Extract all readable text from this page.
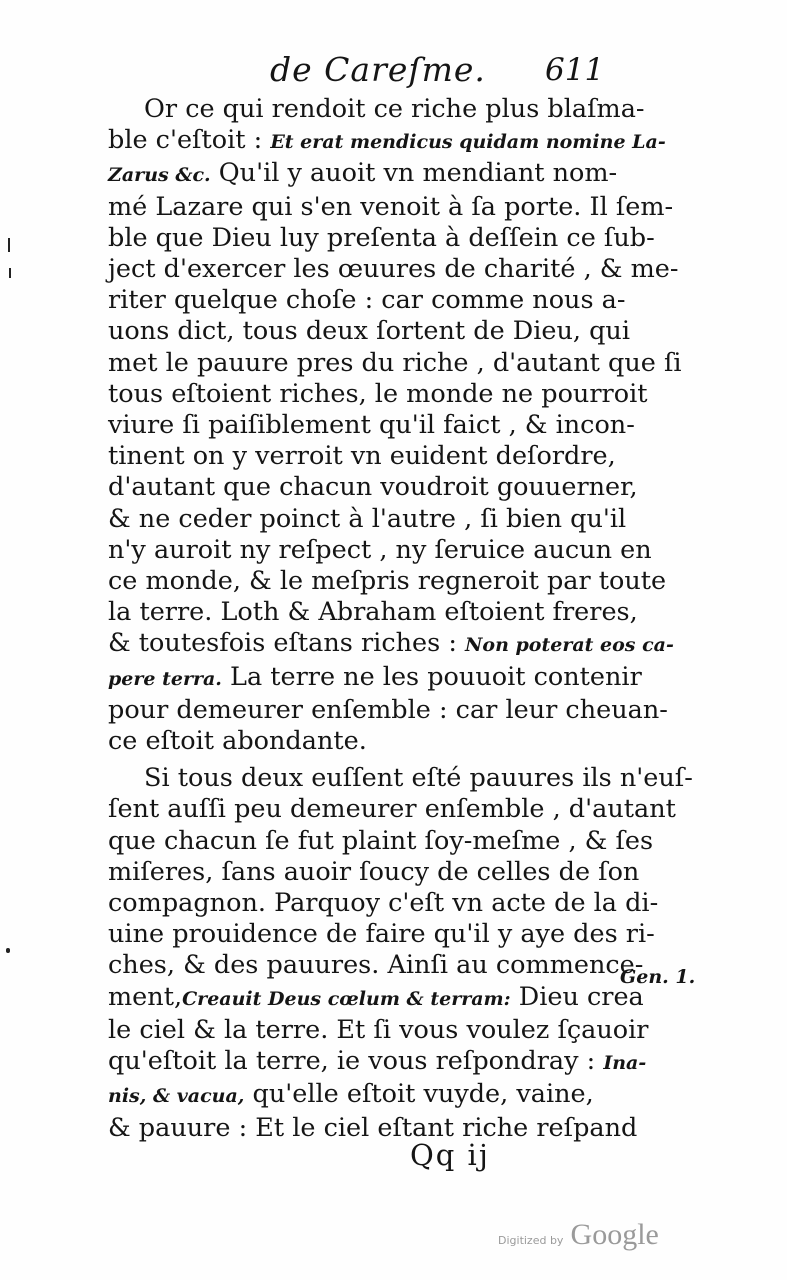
de Careſme. 611
Or ce qui rendoit ce riche plus blaſma-
ble c'eſtoit : Et erat mendicus quidam nomine La-
Zarus &c. Qu'il y auoit vn mendiant nom-
mé Lazare qui s'en venoit à ſa porte. Il ſem-
ble que Dieu luy preſenta à deſſein ce ſub-
ject d'exercer les œuures de charité , & me-
riter quelque choſe : car comme nous a-
uons dict, tous deux ſortent de Dieu, qui
met le pauure pres du riche , d'autant que ſi
tous eſtoient riches, le monde ne pourroit
viure ſi paiſiblement qu'il faict , & incon-
tinent on y verroit vn euident deſordre,
d'autant que chacun voudroit gouuerner,
& ne ceder poinct à l'autre , ſi bien qu'il
n'y auroit ny reſpect , ny ſeruice aucun en
ce monde, & le meſpris regneroit par toute
la terre. Loth & Abraham eſtoient freres,
& toutesfois eſtans riches : Non poterat eos ca-
pere terra. La terre ne les pouuoit contenir
pour demeurer enſemble : car leur cheuan-
ce eſtoit abondante.
Si tous deux euſſent eſté pauures ils n'euſ-
ſent auſſi peu demeurer enſemble , d'autant
que chacun ſe fut plaint ſoy-meſme , & ſes
miſeres, ſans auoir ſoucy de celles de ſon
compagnon. Parquoy c'eſt vn acte de la di-
uine prouidence de faire qu'il y aye des ri-
ches, & des pauures. Ainſi au commence-
ment,Creauit Deus cœlum & terram: Dieu crea
le ciel & la terre. Et ſi vous voulez ſçauoir
qu'eſtoit la terre, ie vous reſpondray : Ina-
nis, & vacua, qu'elle eſtoit vuyde, vaine,
& pauure : Et le ciel eſtant riche reſpand
Gen. 1.
Qq ij
Digitized by Google
